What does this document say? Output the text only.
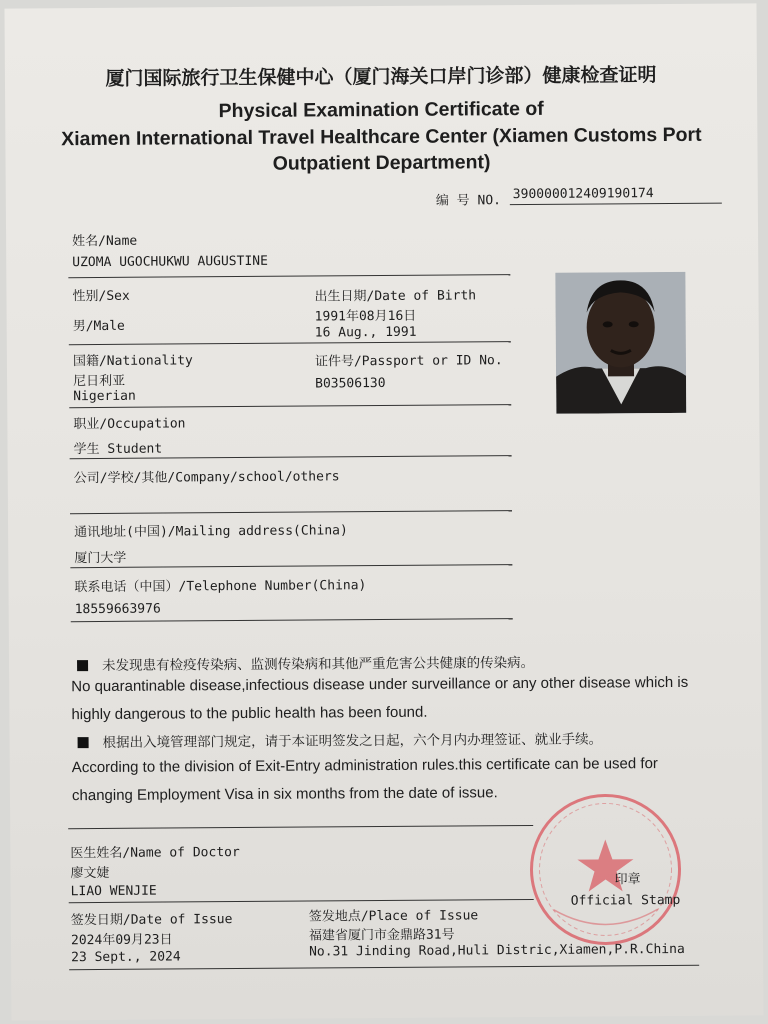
厦门国际旅行卫生保健中心（厦门海关口岸门诊部）健康检查证明
Physical Examination Certificate of
Xiamen International Travel Healthcare Center (Xiamen Customs Port
Outpatient Department)
编 号 NO. 390000012409190174
姓名/Name
UZOMA UGOCHUKWU AUGUSTINE
性别/Sex
男/Male
出生日期/Date of Birth
1991年08月16日
16 Aug., 1991
国籍/Nationality
尼日利亚
Nigerian
证件号/Passport or ID No.
B03506130
职业/Occupation
学生 Student
公司/学校/其他/Company/school/others
通讯地址(中国)/Mailing address(China)
厦门大学
联系电话（中国）/Telephone Number(China)
18559663976
未发现患有检疫传染病、监测传染病和其他严重危害公共健康的传染病。
No quarantinable disease,infectious disease under surveillance or any other disease which is
highly dangerous to the public health has been found.
根据出入境管理部门规定，请于本证明签发之日起，六个月内办理签证、就业手续。
According to the division of Exit-Entry administration rules.this certificate can be used for
changing Employment Visa in six months from the date of issue.
医生姓名/Name of Doctor
廖文婕
LIAO WENJIE
印章
Official Stamp
签发日期/Date of Issue
2024年09月23日
23 Sept., 2024
签发地点/Place of Issue
福建省厦门市金鼎路31号
No.31 Jinding Road,Huli Distric,Xiamen,P.R.China
